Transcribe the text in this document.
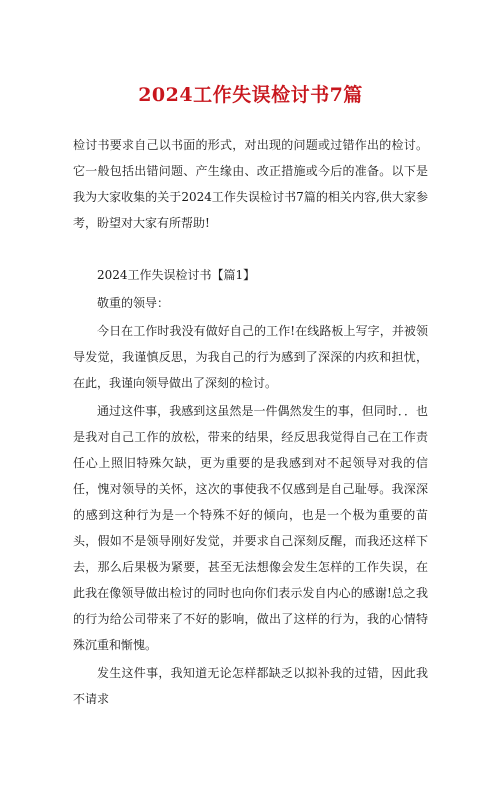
2024工作失误检讨书7篇

检讨书要求自己以书面的形式，对出现的问题或过错作出的检讨。它一般包括出错问题、产生缘由、改正措施或今后的准备。以下是我为大家收集的关于2024工作失误检讨书7篇的相关内容,供大家参考，盼望对大家有所帮助!

2024工作失误检讨书【篇1】

敬重的领导：

今日在工作时我没有做好自己的工作!在线路板上写字，并被领导发觉，我谨慎反思，为我自己的行为感到了深深的内疚和担忧，在此，我谨向领导做出了深刻的检讨。

通过这件事，我感到这虽然是一件偶然发生的事，但同时．．也是我对自己工作的放松，带来的结果，经反思我觉得自己在工作责任心上照旧特殊欠缺，更为重要的是我感到对不起领导对我的信任，愧对领导的关怀，这次的事使我不仅感到是自己耻辱。我深深的感到这种行为是一个特殊不好的倾向，也是一个极为重要的苗头，假如不是领导刚好发觉，并要求自己深刻反醒，而我还这样下去，那么后果极为紧要，甚至无法想像会发生怎样的工作失误，在此我在像领导做出检讨的同时也向你们表示发自内心的感谢!总之我的行为给公司带来了不好的影响，做出了这样的行为，我的心情特殊沉重和惭愧。

发生这件事，我知道无论怎样都缺乏以拟补我的过错，因此我不请求
